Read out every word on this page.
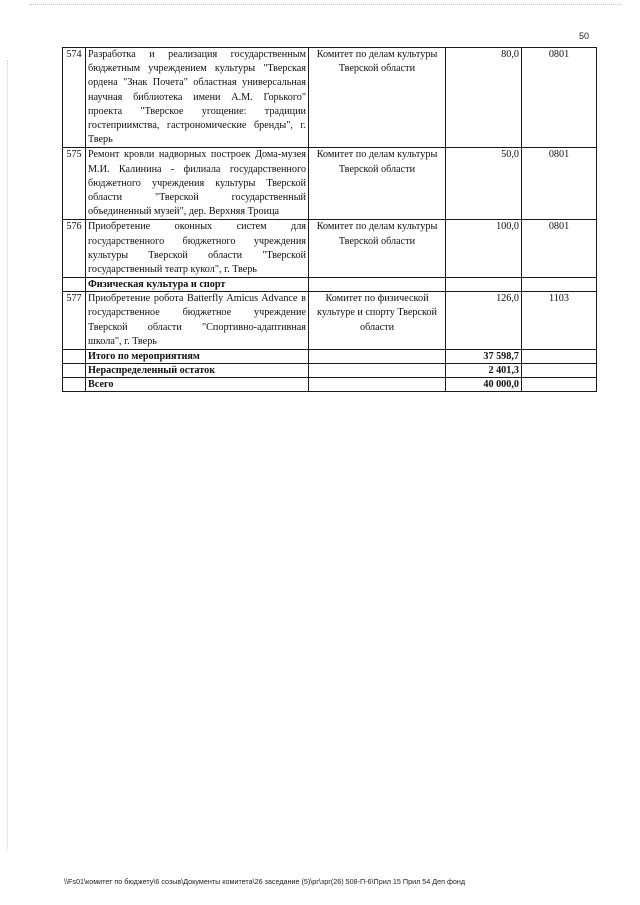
50
574	Разработка и реализация государственным бюджетным учреждением культуры "Тверская ордена "Знак Почета" областная универсальная научная библиотека имени А.М. Горького" проекта "Тверское угощение: традиции гостеприимства, гастрономические бренды", г. Тверь	Комитет по делам культуры Тверской области	80,0	0801
575	Ремонт кровли надворных построек Дома-музея М.И. Калинина - филиала государственного бюджетного учреждения культуры Тверской области "Тверской государственный объединенный музей", дер. Верхняя Троица	Комитет по делам культуры Тверской области	50,0	0801
576	Приобретение оконных систем для государственного бюджетного учреждения культуры Тверской области "Тверской государственный театр кукол", г. Тверь	Комитет по делам культуры Тверской области	100,0	0801
	Физическая культура и спорт			
577	Приобретение робота Batterfly Amicus Advance в государственное бюджетное учреждение Тверской области "Спортивно-адаптивная школа", г. Тверь	Комитет по физической культуре и спорту Тверской области	126,0	1103
	Итого по мероприятиям		37 598,7	
	Нераспределенный остаток		2 401,3	
	Всего		40 000,0	
\\Fs01\комитет по бюджету\6 созыв\Документы комитета\26 заседание (5)\рг\зрг(26) 508-П-6\Прил 15 Прил 54 Деп фонд
